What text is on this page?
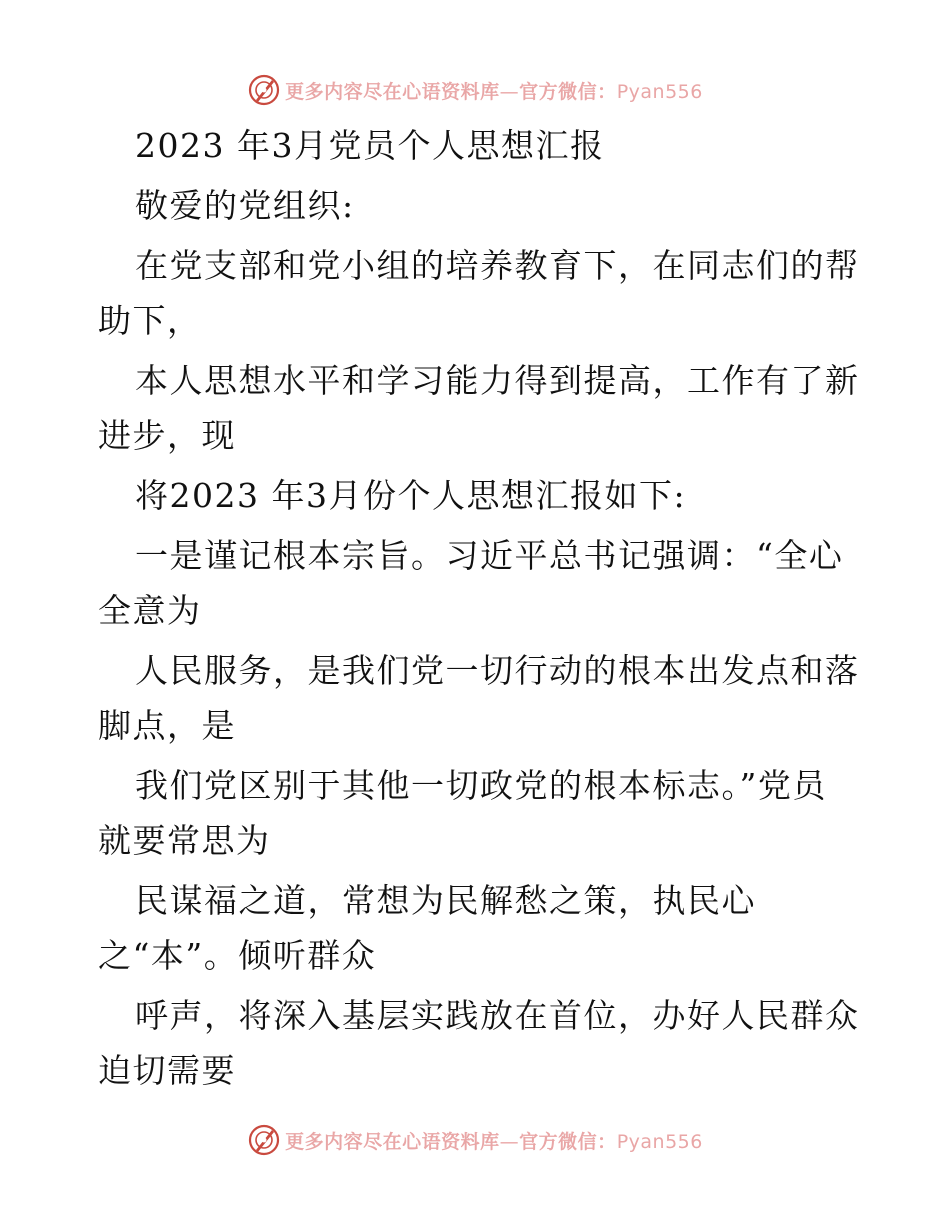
更多内容尽在心语资料库—官方微信：Pyan556
2023 年3月党员个人思想汇报
敬爱的党组织:
在党支部和党小组的培养教育下，在同志们的帮
助下，
本人思想水平和学习能力得到提高，工作有了新
进步，现
将2023 年3月份个人思想汇报如下:
一是谨记根本宗旨。习近平总书记强调：“全心
全意为
人民服务，是我们党一切行动的根本出发点和落
脚点，是
我们党区别于其他一切政党的根本标志。”党员
就要常思为
民谋福之道，常想为民解愁之策，执民心
之“本”。倾听群众
呼声，将深入基层实践放在首位，办好人民群众
迫切需要
更多内容尽在心语资料库—官方微信：Pyan556
